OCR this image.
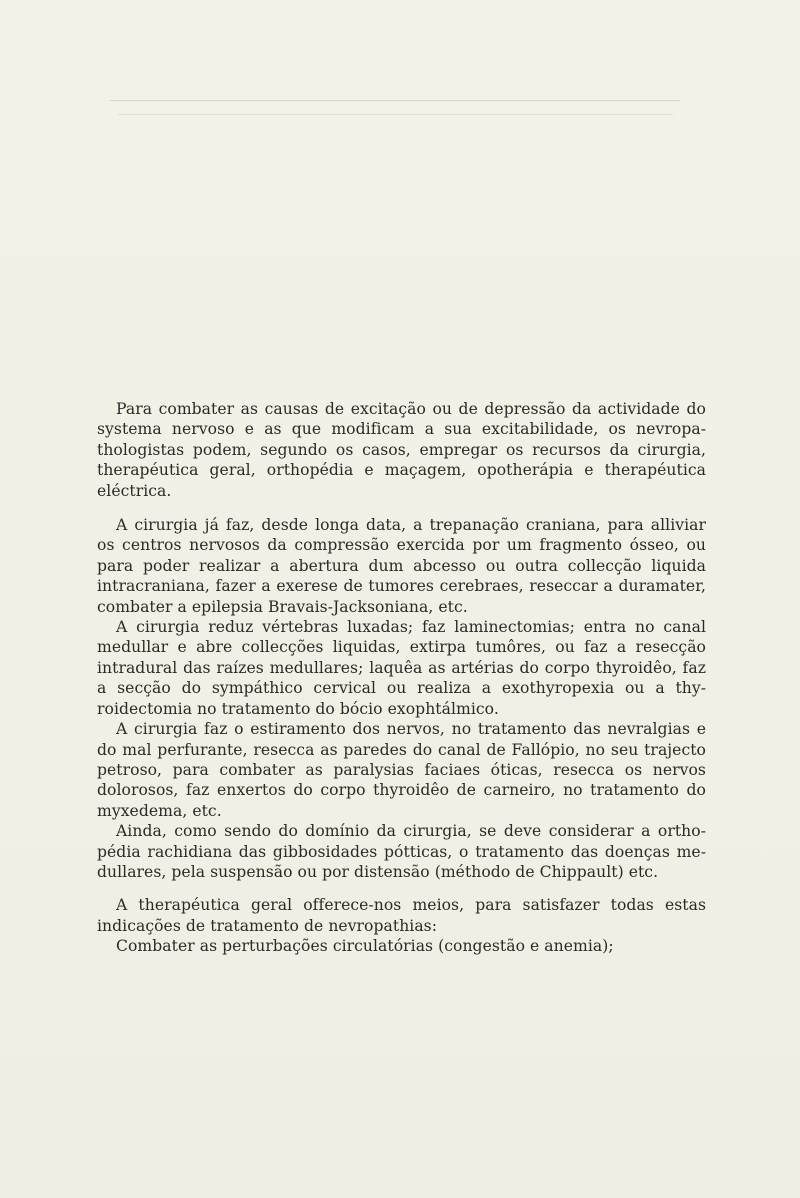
Para combater as causas de excitação ou de depressão da actividade do systema nervoso e as que modificam a sua excitabilidade, os nevropathologistas podem, segundo os casos, empregar os recursos da cirurgia, therapéutica geral, orthopédia e maçagem, opotherápia e therapéutica eléctrica.

A cirurgia já faz, desde longa data, a trepanação craniana, para alliviar os centros nervosos da compressão exercida por um fragmento ósseo, ou para poder realizar a abertura dum abcesso ou outra collecção liquida intracraniana, fazer a exerese de tumores cerebraes, reseccar a duramater, combater a epilepsia Bravais-Jacksoniana, etc.

A cirurgia reduz vértebras luxadas; faz laminectomias; entra no canal medullar e abre collecções liquidas, extirpa tumôres, ou faz a resecção intradural das raízes medullares; laquêa as artérias do corpo thyroidêo, faz a secção do sympáthico cervical ou realiza a exothyropexia ou a thyroidectomia no tratamento do bócio exophtálmico.

A cirurgia faz o estiramento dos nervos, no tratamento das nevralgias e do mal perfurante, resecca as paredes do canal de Fallópio, no seu trajecto petroso, para combater as paralysias faciaes óticas, resecca os nervos dolorosos, faz enxertos do corpo thyroidêo de carneiro, no tratamento do myxedema, etc.

Ainda, como sendo do domínio da cirurgia, se deve considerar a orthopédia rachidiana das gibbosidades pótticas, o tratamento das doenças medullares, pela suspensão ou por distensão (méthodo de Chippault) etc.

A therapéutica geral offerece-nos meios, para satisfazer todas estas indicações de tratamento de nevropathias:

Combater as perturbações circulatórias (congestão e anemia);
